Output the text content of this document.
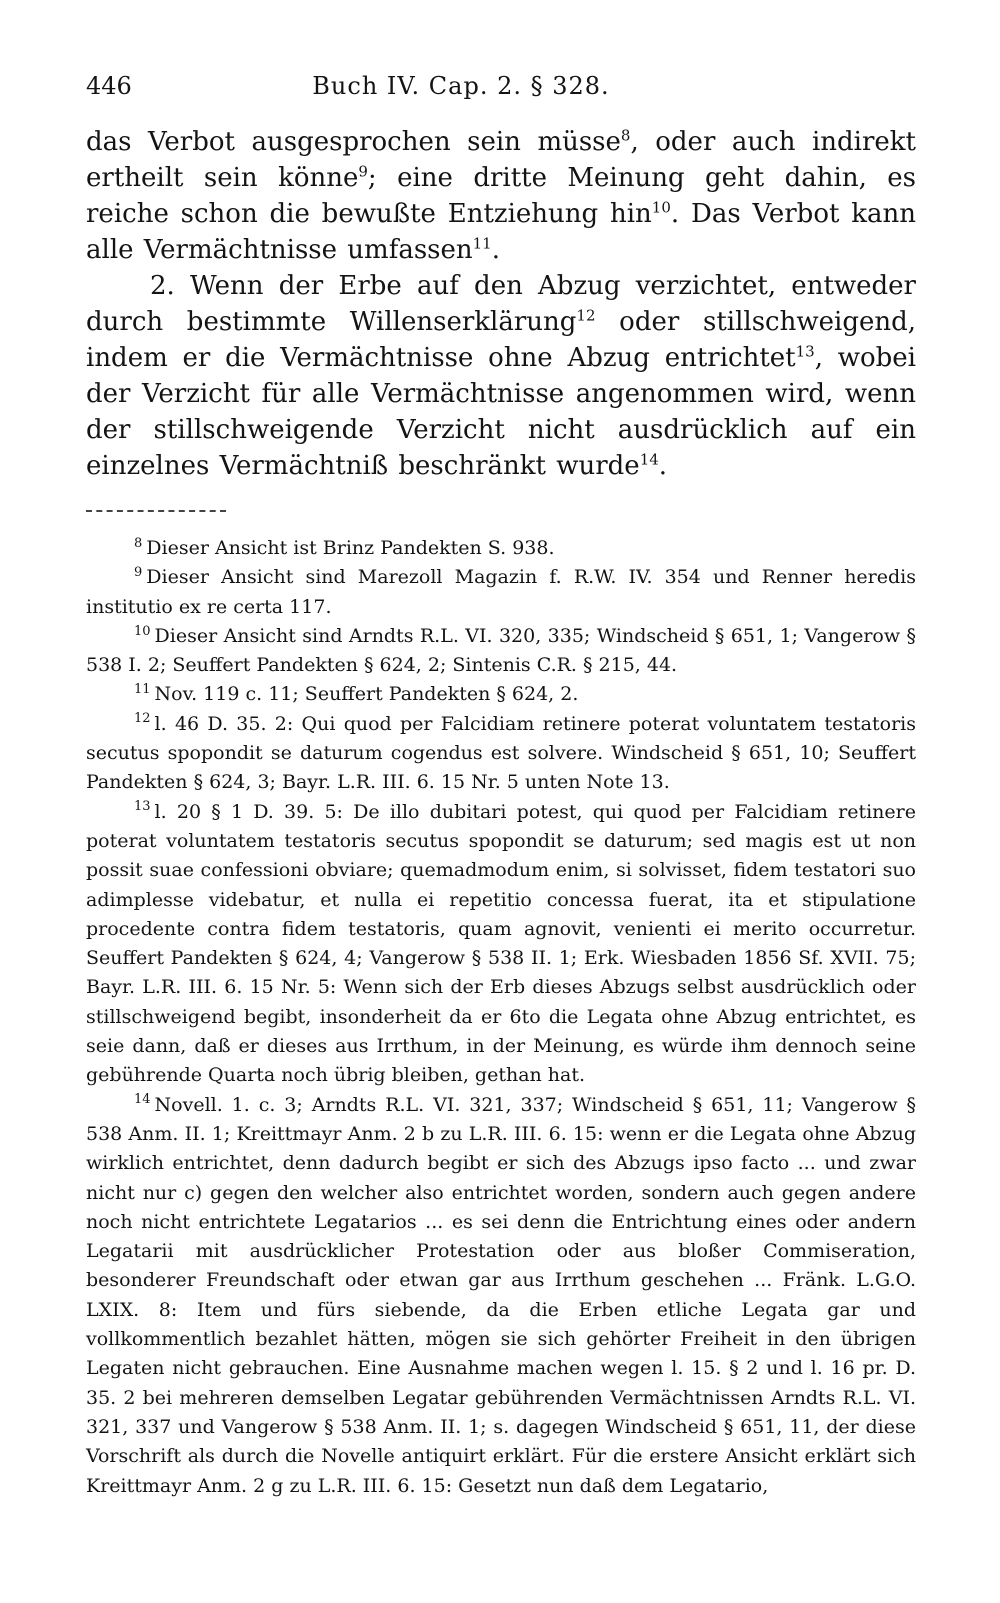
446	Buch IV. Cap. 2. § 328.

das Verbot ausgesprochen sein müsse$^8$, oder auch indirekt ertheilt sein könne$^9$; eine dritte Meinung geht dahin, es reiche schon die bewußte Entziehung hin$^{10}$. Das Verbot kann alle Vermächtnisse umfassen$^{11}$.

2. Wenn der Erbe auf den Abzug verzichtet, entweder durch bestimmte Willenserklärung$^{12}$ oder stillschweigend, indem er die Vermächtnisse ohne Abzug entrichtet$^{13}$, wobei der Verzicht für alle Vermächtnisse angenommen wird, wenn der stillschweigende Verzicht nicht ausdrücklich auf ein einzelnes Vermächtniß beschränkt wurde$^{14}$.

$^8$ Dieser Ansicht ist Brinz Pandekten S. 938.

$^9$ Dieser Ansicht sind Marezoll Magazin f. R.W. IV. 354 und Renner heredis institutio ex re certa 117.

$^{10}$ Dieser Ansicht sind Arndts R.L. VI. 320, 335; Windscheid § 651, 1; Vangerow § 538 I. 2; Seuffert Pandekten § 624, 2; Sintenis C.R. § 215, 44.

$^{11}$ Nov. 119 c. 11; Seuffert Pandekten § 624, 2.

$^{12}$ l. 46 D. 35. 2: Qui quod per Falcidiam retinere poterat voluntatem testatoris secutus spopondit se daturum cogendus est solvere. Windscheid § 651, 10; Seuffert Pandekten § 624, 3; Bayr. L.R. III. 6. 15 Nr. 5 unten Note 13.

$^{13}$ l. 20 § 1 D. 39. 5: De illo dubitari potest, qui quod per Falcidiam retinere poterat voluntatem testatoris secutus spopondit se daturum; sed magis est ut non possit suae confessioni obviare; quemadmodum enim, si solvisset, fidem testatori suo adimplesse videbatur, et nulla ei repetitio concessa fuerat, ita et stipulatione procedente contra fidem testatoris, quam agnovit, venienti ei merito occurretur. Seuffert Pandekten § 624, 4; Vangerow § 538 II. 1; Erk. Wiesbaden 1856 Sf. XVII. 75; Bayr. L.R. III. 6. 15 Nr. 5: Wenn sich der Erb dieses Abzugs selbst ausdrücklich oder stillschweigend begibt, insonderheit da er 6to die Legata ohne Abzug entrichtet, es seie dann, daß er dieses aus Irrthum, in der Meinung, es würde ihm dennoch seine gebührende Quarta noch übrig bleiben, gethan hat.

$^{14}$ Novell. 1. c. 3; Arndts R.L. VI. 321, 337; Windscheid § 651, 11; Vangerow § 538 Anm. II. 1; Kreittmayr Anm. 2 b zu L.R. III. 6. 15: wenn er die Legata ohne Abzug wirklich entrichtet, denn dadurch begibt er sich des Abzugs ipso facto ... und zwar nicht nur c) gegen den welcher also entrichtet worden, sondern auch gegen andere noch nicht entrichtete Legatarios ... es sei denn die Entrichtung eines oder andern Legatarii mit ausdrücklicher Protestation oder aus bloßer Commiseration, besonderer Freundschaft oder etwan gar aus Irrthum geschehen ... Fränk. L.G.O. LXIX. 8: Item und fürs siebende, da die Erben etliche Legata gar und vollkommentlich bezahlet hätten, mögen sie sich gehörter Freiheit in den übrigen Legaten nicht gebrauchen. Eine Ausnahme machen wegen l. 15. § 2 und l. 16 pr. D. 35. 2 bei mehreren demselben Legatar gebührenden Vermächtnissen Arndts R.L. VI. 321, 337 und Vangerow § 538 Anm. II. 1; s. dagegen Windscheid § 651, 11, der diese Vorschrift als durch die Novelle antiquirt erklärt. Für die erstere Ansicht erklärt sich Kreittmayr Anm. 2 g zu L.R. III. 6. 15: Gesetzt nun daß dem Legatario,
